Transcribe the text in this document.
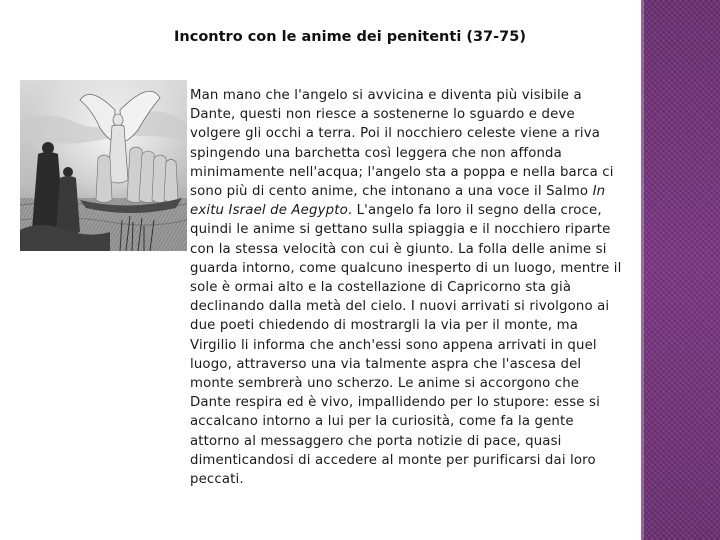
Incontro con le anime dei penitenti (37-75)

Man mano che l'angelo si avvicina e diventa più visibile a Dante, questi non riesce a sostenerne lo sguardo e deve volgere gli occhi a terra. Poi il nocchiero celeste viene a riva spingendo una barchetta così leggera che non affonda minimamente nell'acqua; l'angelo sta a poppa e nella barca ci sono più di cento anime, che intonano a una voce il Salmo In exitu Israel de Aegypto. L'angelo fa loro il segno della croce, quindi le anime si gettano sulla spiaggia e il nocchiero riparte con la stessa velocità con cui è giunto. La folla delle anime si guarda intorno, come qualcuno inesperto di un luogo, mentre il sole è ormai alto e la costellazione di Capricorno sta già declinando dalla metà del cielo. I nuovi arrivati si rivolgono ai due poeti chiedendo di mostrargli la via per il monte, ma Virgilio li informa che anch'essi sono appena arrivati in quel luogo, attraverso una via talmente aspra che l'ascesa del monte sembrerà uno scherzo. Le anime si accorgono che Dante respira ed è vivo, impallidendo per lo stupore: esse si accalcano intorno a lui per la curiosità, come fa la gente attorno al messaggero che porta notizie di pace, quasi dimenticandosi di accedere al monte per purificarsi dai loro peccati.
